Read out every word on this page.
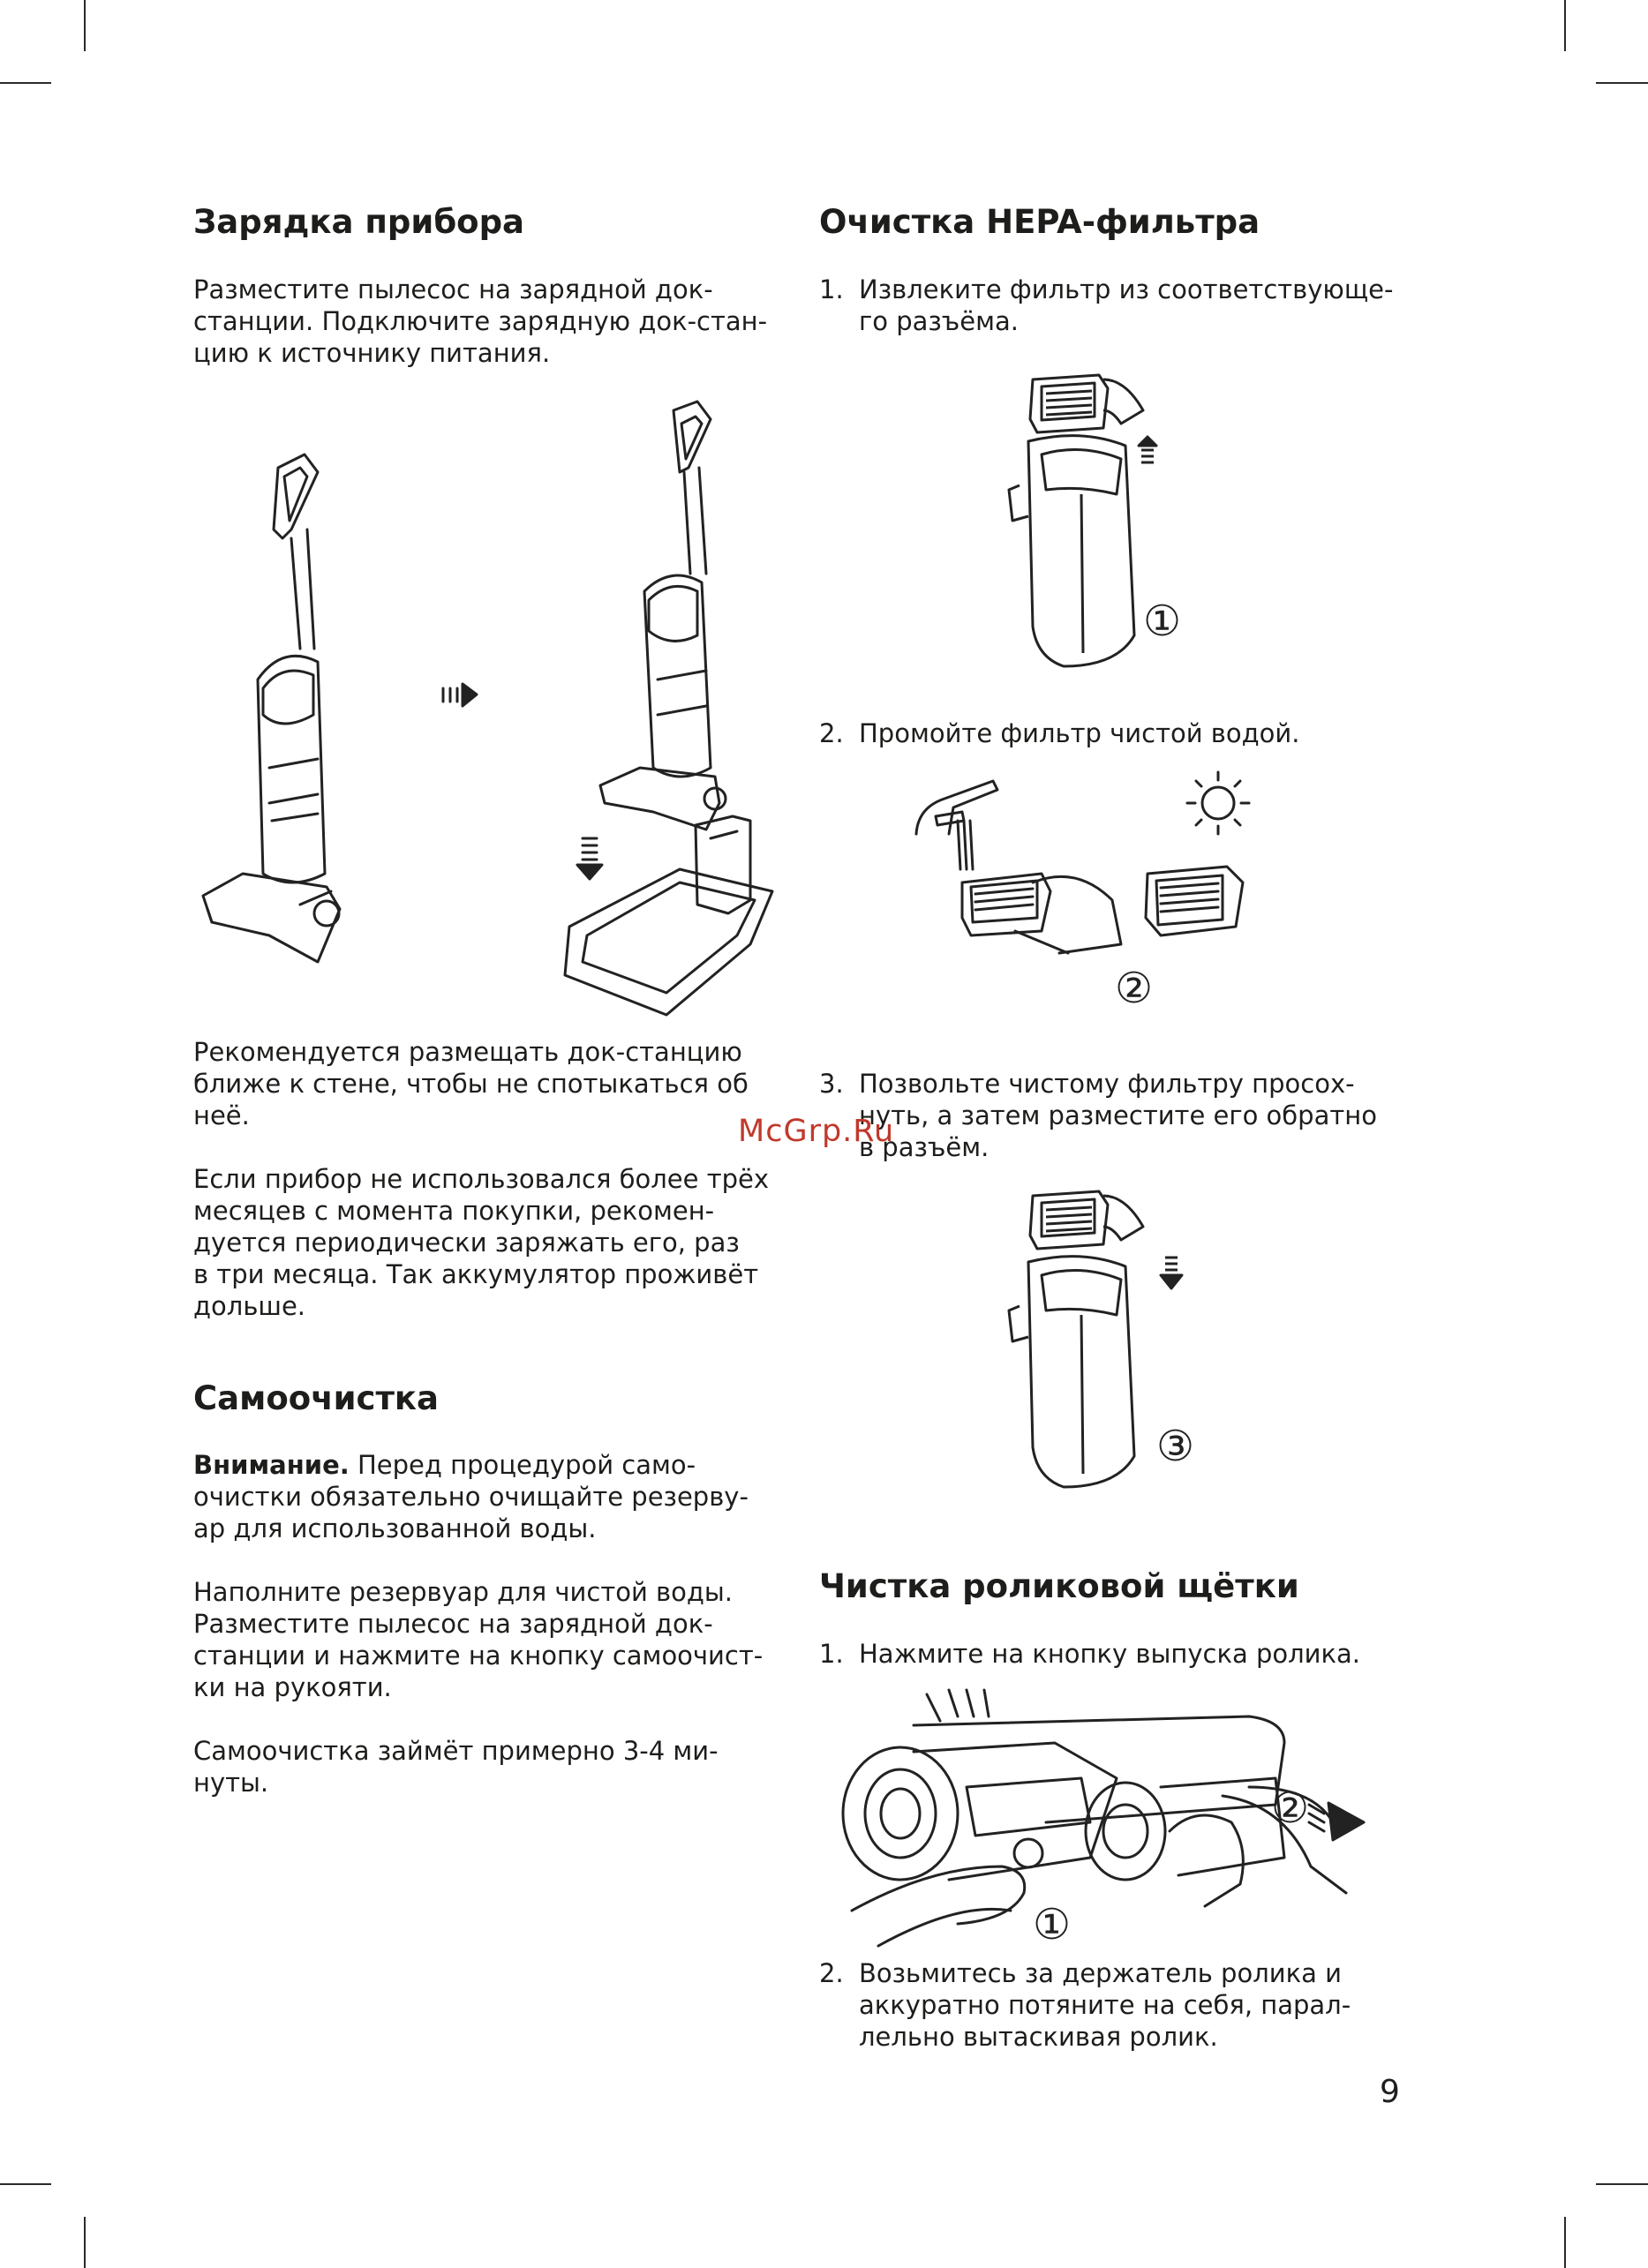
Зарядка прибора

Разместите пылесос на зарядной док-
станции. Подключите зарядную док-стан-
цию к источнику питания.

Рекомендуется размещать док-станцию
ближе к стене, чтобы не спотыкаться об
неё.

Если прибор не использовался более трёх
месяцев с момента покупки, рекомен-
дуется периодически заряжать его, раз
в три месяца. Так аккумулятор проживёт
дольше.

Самоочистка

Внимание. Перед процедурой само-
очистки обязательно очищайте резерву-
ар для использованной воды.

Наполните резервуар для чистой воды.
Разместите пылесос на зарядной док-
станции и нажмите на кнопку самоочист-
ки на рукояти.

Самоочистка займёт примерно 3-4 ми-
нуты.

Очистка HEPA-фильтра
1. Извлеките фильтр из соответствующе-
го разъёма.
①
2. Промойте фильтр чистой водой.
②
3. Позвольте чистому фильтру просох-
нуть, а затем разместите его обратно
в разъём.
③
Чистка роликовой щётки
1. Нажмите на кнопку выпуска ролика.
①
②
2. Возьмитесь за держатель ролика и
аккуратно потяните на себя, парал-
лельно вытаскивая ролик.
McGrp.Ru
9
